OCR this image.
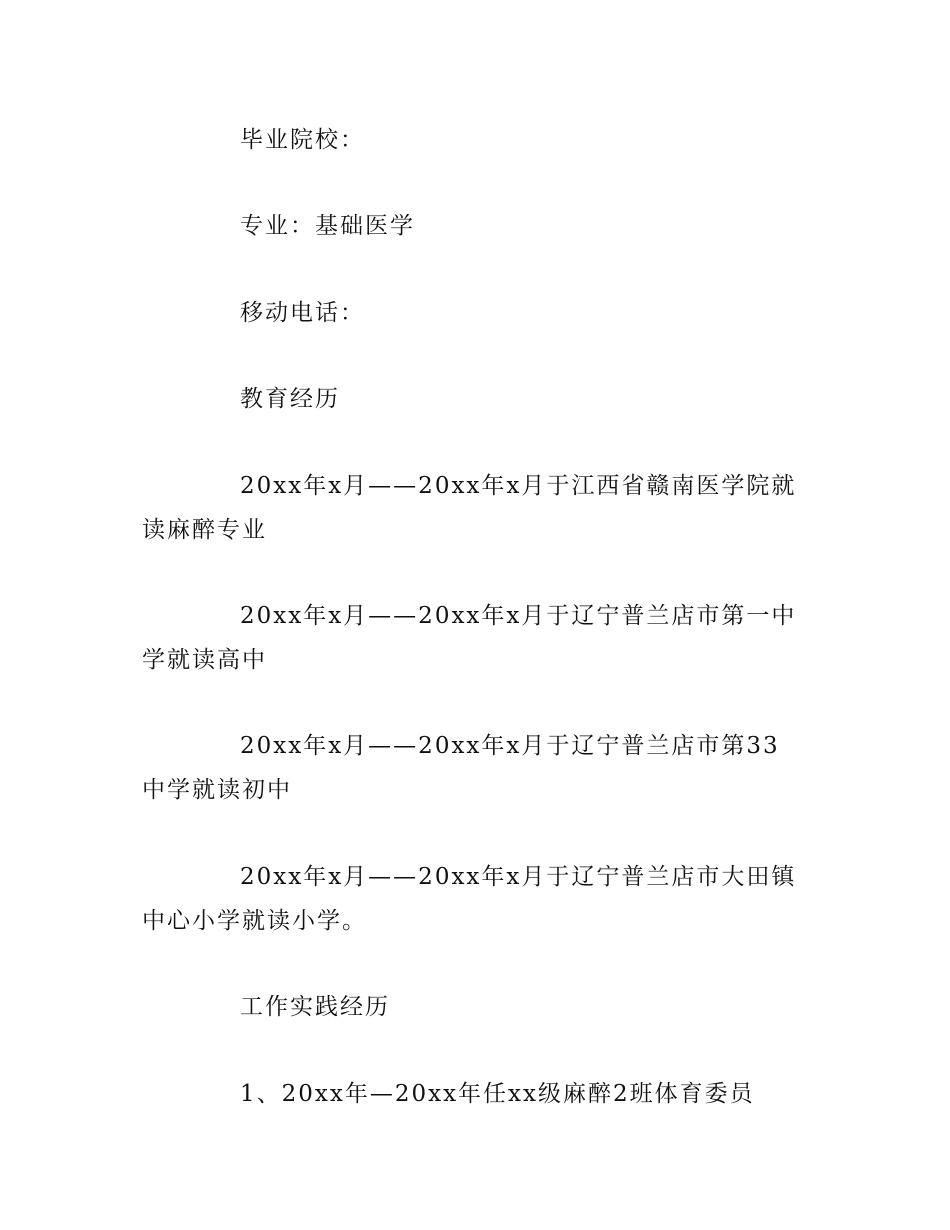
毕业院校：

专业：基础医学

移动电话：

教育经历

20xx年x月——20xx年x月于江西省赣南医学院就读麻醉专业

20xx年x月——20xx年x月于辽宁普兰店市第一中学就读高中

20xx年x月——20xx年x月于辽宁普兰店市第33中学就读初中

20xx年x月——20xx年x月于辽宁普兰店市大田镇中心小学就读小学。

工作实践经历

1、20xx年—20xx年任xx级麻醉2班体育委员
